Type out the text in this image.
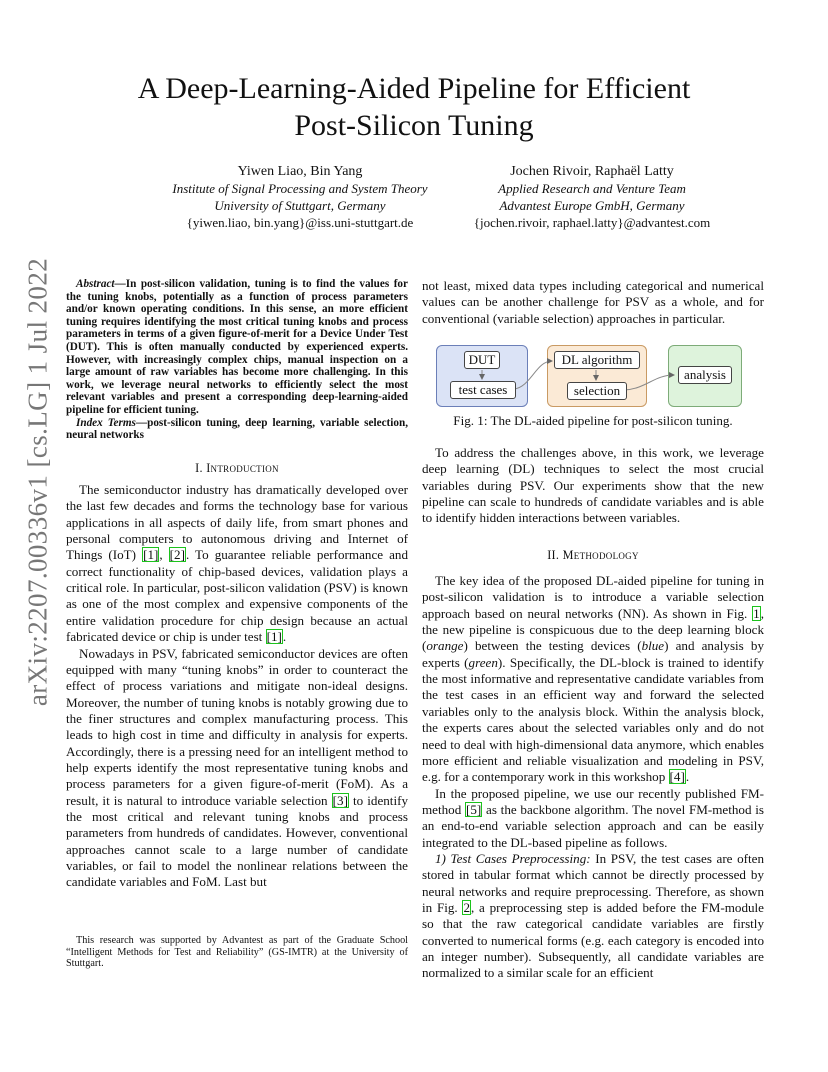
arXiv:2207.00336v1 [cs.LG] 1 Jul 2022
A Deep-Learning-Aided Pipeline for Efficient
Post-Silicon Tuning
Yiwen Liao, Bin Yang
Institute of Signal Processing and System Theory
University of Stuttgart, Germany
{yiwen.liao, bin.yang}@iss.uni-stuttgart.de
Jochen Rivoir, Raphaël Latty
Applied Research and Venture Team
Advantest Europe GmbH, Germany
{jochen.rivoir, raphael.latty}@advantest.com

Abstract—In post-silicon validation, tuning is to find the values for the tuning knobs, potentially as a function of process parameters and/or known operating conditions. In this sense, an more efficient tuning requires identifying the most critical tuning knobs and process parameters in terms of a given figure-of-merit for a Device Under Test (DUT). This is often manually conducted by experienced experts. However, with increasingly complex chips, manual inspection on a large amount of raw variables has become more challenging. In this work, we leverage neural networks to efficiently select the most relevant variables and present a corresponding deep-learning-aided pipeline for efficient tuning.

Index Terms—post-silicon tuning, deep learning, variable selection, neural networks

I. Introduction

The semiconductor industry has dramatically developed over the last few decades and forms the technology base for various applications in all aspects of daily life, from smart phones and personal computers to autonomous driving and Internet of Things (IoT) [1], [2]. To guarantee reliable performance and correct functionality of chip-based devices, validation plays a critical role. In particular, post-silicon validation (PSV) is known as one of the most complex and expensive components of the entire validation procedure for chip design because an actual fabricated device or chip is under test [1].

Nowadays in PSV, fabricated semiconductor devices are often equipped with many “tuning knobs” in order to counteract the effect of process variations and mitigate non-ideal designs. Moreover, the number of tuning knobs is notably growing due to the finer structures and complex manufacturing process. This leads to high cost in time and difficulty in analysis for experts. Accordingly, there is a pressing need for an intelligent method to help experts identify the most representative tuning knobs and process parameters for a given figure-of-merit (FoM). As a result, it is natural to introduce variable selection [3] to identify the most critical and relevant tuning knobs and process parameters from hundreds of candidates. However, conventional approaches cannot scale to a large number of candidate variables, or fail to model the nonlinear relations between the candidate variables and FoM. Last but

This research was supported by Advantest as part of the Graduate School “Intelligent Methods for Test and Reliability” (GS-IMTR) at the University of Stuttgart.

not least, mixed data types including categorical and numerical values can be another challenge for PSV as a whole, and for conventional (variable selection) approaches in particular.

DUT
test cases
DL algorithm
selection
analysis
Fig. 1: The DL-aided pipeline for post-silicon tuning.

To address the challenges above, in this work, we leverage deep learning (DL) techniques to select the most crucial variables during PSV. Our experiments show that the new pipeline can scale to hundreds of candidate variables and is able to identify hidden interactions between variables.

II. Methodology

The key idea of the proposed DL-aided pipeline for tuning in post-silicon validation is to introduce a variable selection approach based on neural networks (NN). As shown in Fig. 1, the new pipeline is conspicuous due to the deep learning block (orange) between the testing devices (blue) and analysis by experts (green). Specifically, the DL-block is trained to identify the most informative and representative candidate variables from the test cases in an efficient way and forward the selected variables only to the analysis block. Within the analysis block, the experts cares about the selected variables only and do not need to deal with high-dimensional data anymore, which enables more efficient and reliable visualization and modeling in PSV, e.g. for a contemporary work in this workshop [4].

In the proposed pipeline, we use our recently published FM-method [5] as the backbone algorithm. The novel FM-method is an end-to-end variable selection approach and can be easily integrated to the DL-based pipeline as follows.

1) Test Cases Preprocessing: In PSV, the test cases are often stored in tabular format which cannot be directly processed by neural networks and require preprocessing. Therefore, as shown in Fig. 2, a preprocessing step is added before the FM-module so that the raw categorical candidate variables are firstly converted to numerical forms (e.g. each category is encoded into an integer number). Subsequently, all candidate variables are normalized to a similar scale for an efficient
